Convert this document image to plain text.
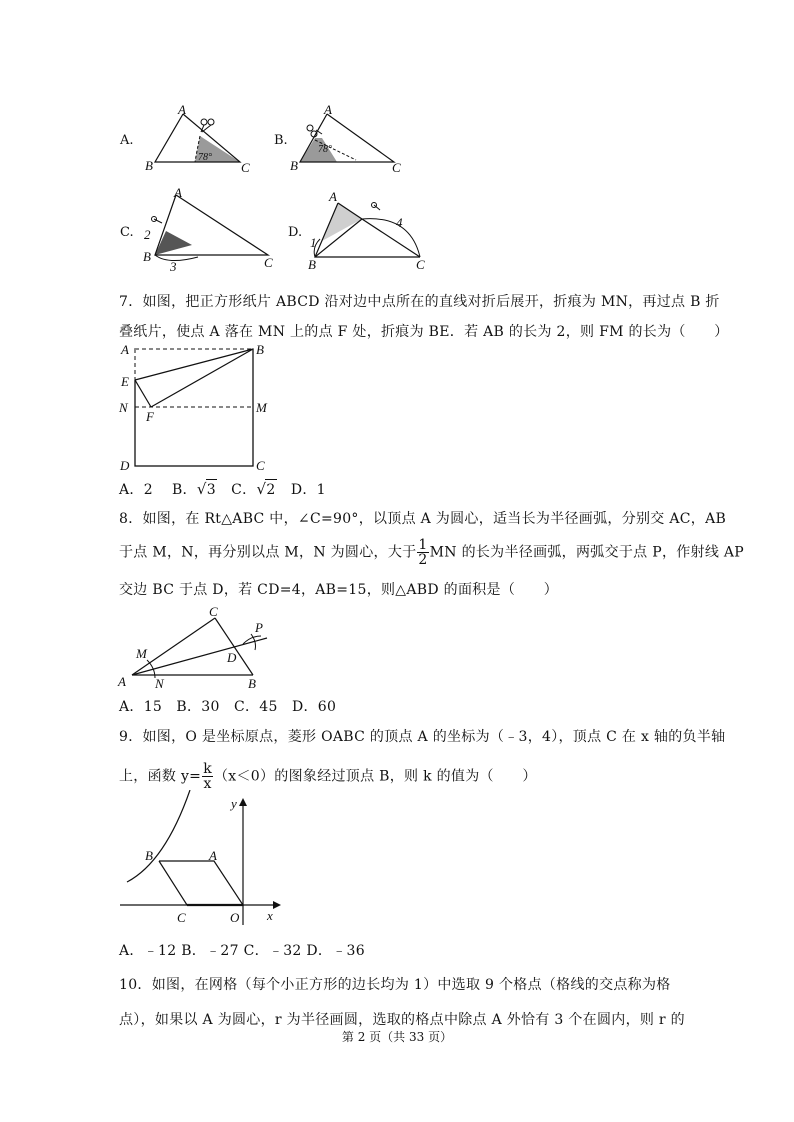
A.
A
B	C
78°
B.
A
B	C
78°
C.
A
B	C
2
3
D.
A
B	C
1
4
7．如图，把正方形纸片 ABCD 沿对边中点所在的直线对折后展开，折痕为 MN，再过点 B 折
叠纸片，使点 A 落在 MN 上的点 F 处，折痕为 BE．若 AB 的长为 2，则 FM 的长为（　　）
A	B
E
N	M
F
D	C
A．2 B．√3 C．√2 D．1
8．如图，在 Rt△ABC 中，∠C=90°，以顶点 A 为圆心，适当长为半径画弧，分别交 AC，AB
于点 M，N，再分别以点 M，N 为圆心，大于 $\frac{1}{2}$ MN 的长为半径画弧，两弧交于点 P，作射线 AP
交边 BC 于点 D，若 CD=4，AB=15，则△ABD 的面积是（　　）
C
M	D
P
A N	B
A．15 B．30 C．45 D．60
9．如图，O 是坐标原点，菱形 OABC 的顶点 A 的坐标为（﹣3，4），顶点 C 在 x 轴的负半轴
上，函数 $y= \frac{k}{x} (x<0)$的图象经过顶点 B，则 k 的值为（　　）
y
B	A
C	O x
A．﹣12 B．﹣27 C．﹣32 D．﹣36
10．如图，在网格（每个小正方形的边长均为 1）中选取 9 个格点（格线的交点称为格
点），如果以 A 为圆心，r 为半径画圆，选取的格点中除点 A 外恰有 3 个在圆内，则 r 的
第 2 页（共 33 页）
